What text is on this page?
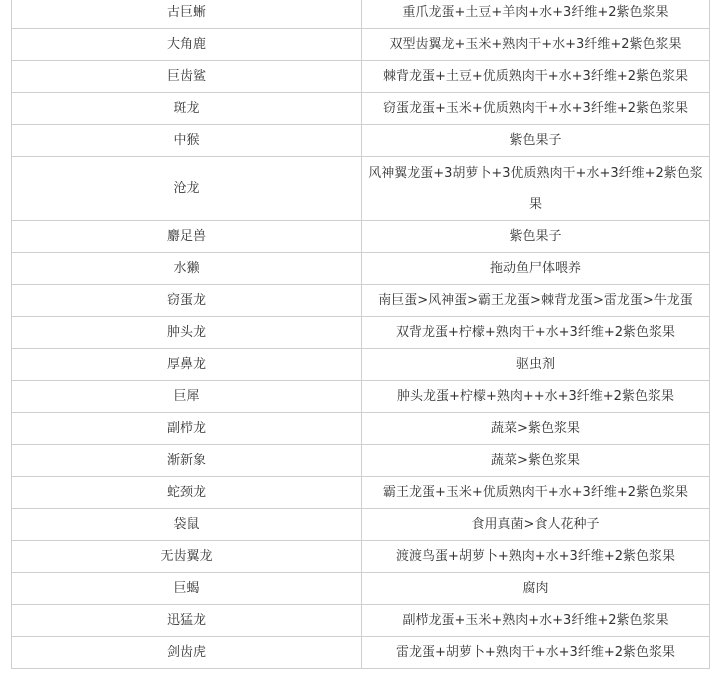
古巨蜥	重爪龙蛋+土豆+羊肉+水+3纤维+2紫色浆果
大角鹿	双型齿翼龙+玉米+熟肉干+水+3纤维+2紫色浆果
巨齿鲨	棘背龙蛋+土豆+优质熟肉干+水+3纤维+2紫色浆果
斑龙	窃蛋龙蛋+玉米+优质熟肉干+水+3纤维+2紫色浆果
中猴	紫色果子
沧龙	风神翼龙蛋+3胡萝卜+3优质熟肉干+水+3纤维+2紫色浆果
麝足兽	紫色果子
水獭	拖动鱼尸体喂养
窃蛋龙	南巨蛋>风神蛋>霸王龙蛋>棘背龙蛋>雷龙蛋>牛龙蛋
肿头龙	双背龙蛋+柠檬+熟肉干+水+3纤维+2紫色浆果
厚鼻龙	驱虫剂
巨犀	肿头龙蛋+柠檬+熟肉++水+3纤维+2紫色浆果
副栉龙	蔬菜>紫色浆果
渐新象	蔬菜>紫色浆果
蛇颈龙	霸王龙蛋+玉米+优质熟肉干+水+3纤维+2紫色浆果
袋鼠	食用真菌>食人花种子
无齿翼龙	渡渡鸟蛋+胡萝卜+熟肉+水+3纤维+2紫色浆果
巨蝎	腐肉
迅猛龙	副栉龙蛋+玉米+熟肉+水+3纤维+2紫色浆果
剑齿虎	雷龙蛋+胡萝卜+熟肉干+水+3纤维+2紫色浆果
